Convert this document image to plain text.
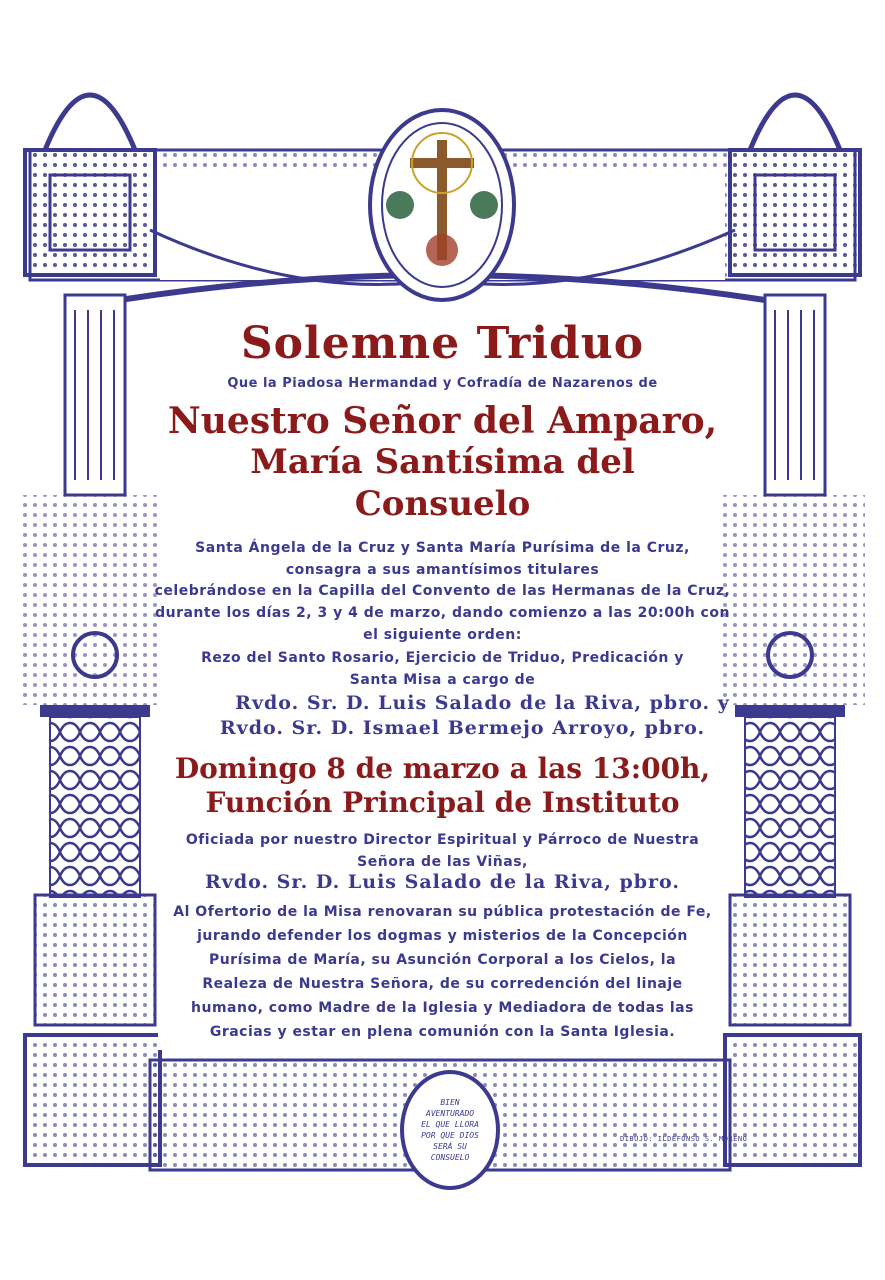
Solemne Triduo

Que la Piadosa Hermandad y Cofradía de Nazarenos de

Nuestro Señor del Amparo,

María Santísima del

Consuelo

Santa Ángela de la Cruz y Santa María Purísima de la Cruz,
consagra a sus amantísimos titulares

celebrándose en la Capilla del Convento de las Hermanas de la Cruz, durante los días 2, 3 y 4 de marzo, dando comienzo a las 20:00h con el siguiente orden:

Rezo del Santo Rosario, Ejercicio de Triduo, Predicación y
Santa Misa a cargo de

Rvdo. Sr. D. Luis Salado de la Riva, pbro. y

Rvdo. Sr. D. Ismael Bermejo Arroyo, pbro.

Domingo 8 de marzo a las 13:00h,

Función Principal de Instituto

Oficiada por nuestro Director Espiritual y Párroco de Nuestra
Señora de las Viñas,

Rvdo. Sr. D. Luis Salado de la Riva, pbro.

Al Ofertorio de la Misa renovaran su pública protestación de Fe,
jurando defender los dogmas y misterios de la Concepción
Purísima de María, su Asunción Corporal a los Cielos, la
Realeza de Nuestra Señora, de su corredención del linaje
humano, como Madre de la Iglesia y Mediadora de todas las
Gracias y estar en plena comunión con la Santa Iglesia.
BIEN
AVENTURADO
EL QUE LLORA
POR QUE DIOS
SERÁ SU
CONSUELO
DIBUJO: ILDEFONSO S. MORENO
